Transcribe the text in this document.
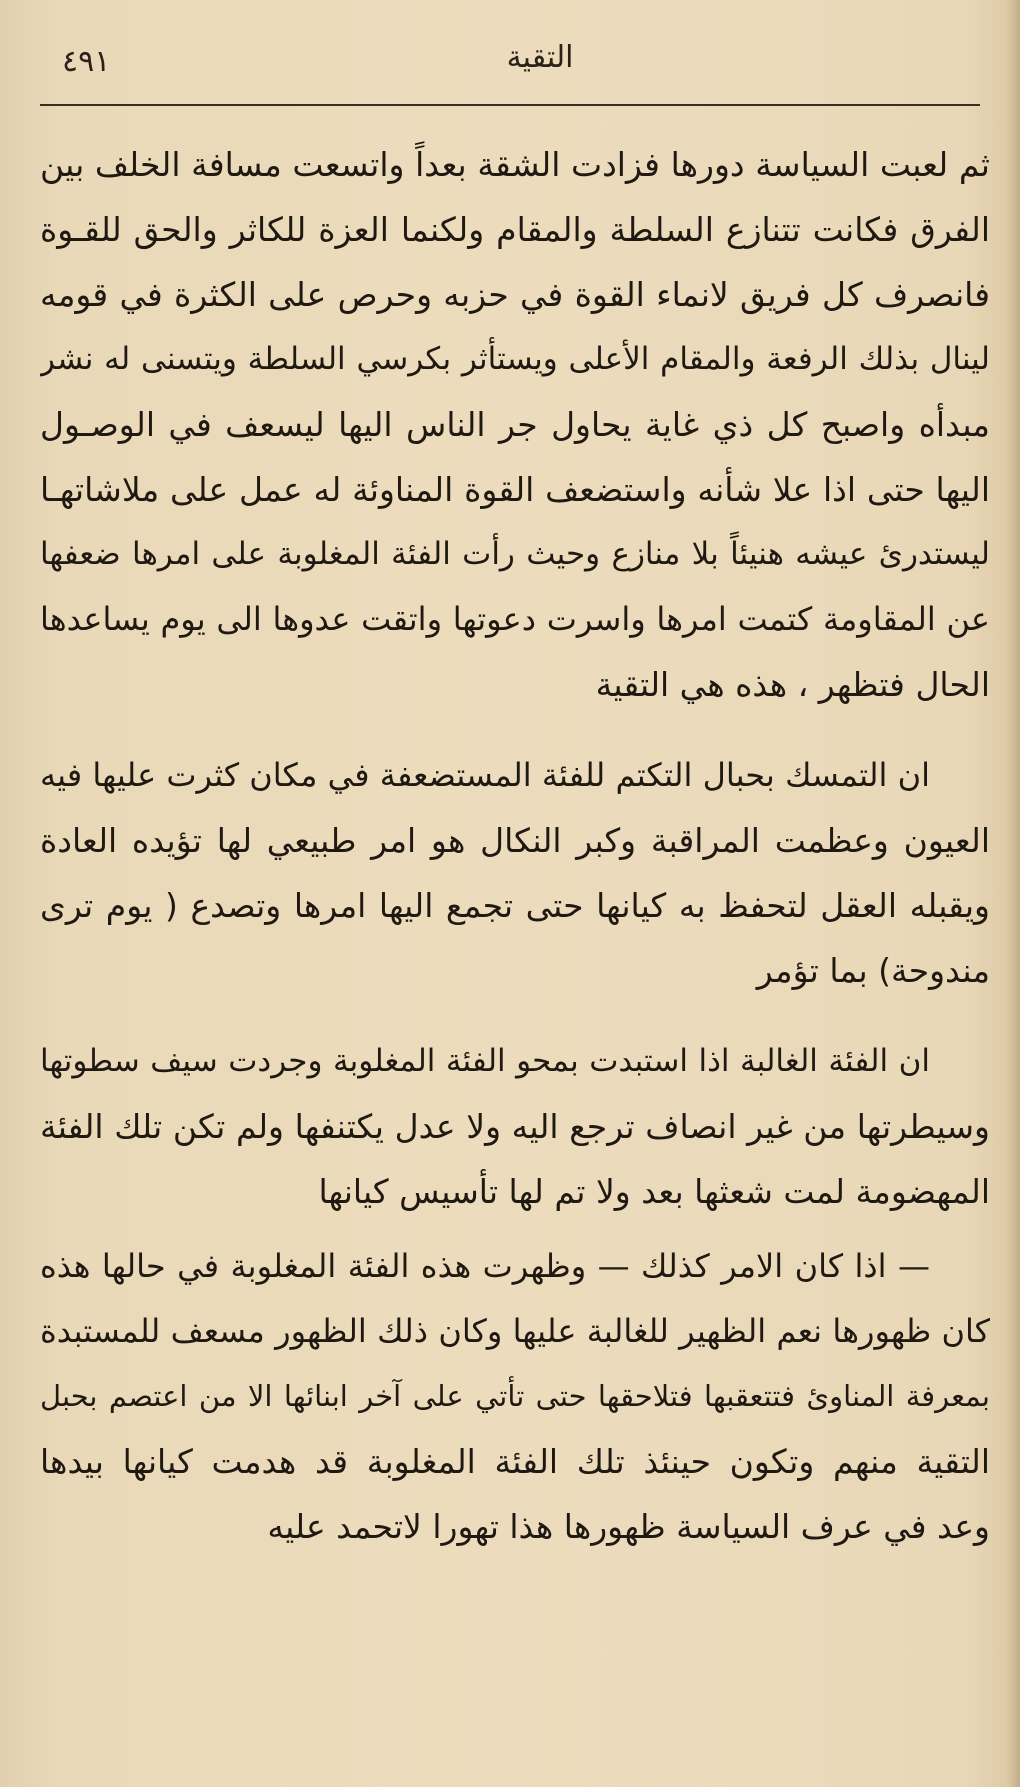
٤٩١	التقية
ثم لعبت السياسة دورها فزادت الشقة بعداً واتسعت مسافة الخلف بين
الفرق فكانت تتنازع السلطة والمقام ولكنما العزة للكاثر والحق للقـوة
فانصرف كل فريق لانماء القوة في حزبه وحرص على الكثرة في قومه
لينال بذلك الرفعة والمقام الأعلى ويستأثر بكرسي السلطة ويتسنى له نشر
مبدأه واصبح كل ذي غاية يحاول جر الناس اليها ليسعف في الوصـول
اليها حتى اذا علا شأنه واستضعف القوة المناوئة له عمل على ملاشاتهـا
ليستدرئ عيشه هنيئاً بلا منازع وحيث رأت الفئة المغلوبة على امرها ضعفها
عن المقاومة كتمت امرها واسرت دعوتها واتقت عدوها الى يوم يساعدها
الحال فتظهر ، هذه هي التقية
ان التمسك بحبال التكتم للفئة المستضعفة في مكان كثرت عليها فيه
العيون وعظمت المراقبة وكبر النكال هو امر طبيعي لها تؤيده العادة
ويقبله العقل لتحفظ به كيانها حتى تجمع اليها امرها وتصدع ( يوم ترى
مندوحة) بما تؤمر
ان الفئة الغالبة اذا استبدت بمحو الفئة المغلوبة وجردت سيف سطوتها
وسيطرتها من غير انصاف ترجع اليه ولا عدل يكتنفها ولم تكن تلك الفئة
المهضومة لمت شعثها بعد ولا تم لها تأسيس كيانها
— اذا كان الامر كذلك — وظهرت هذه الفئة المغلوبة في حالها هذه
كان ظهورها نعم الظهير للغالبة عليها وكان ذلك الظهور مسعف للمستبدة
بمعرفة المناوئ فتتعقبها فتلاحقها حتى تأتي على آخر ابنائها الا من اعتصم بحبل
التقية منهم وتكون حينئذ تلك الفئة المغلوبة قد هدمت كيانها بيدها
وعد في عرف السياسة ظهورها هذا تهورا لاتحمد عليه
